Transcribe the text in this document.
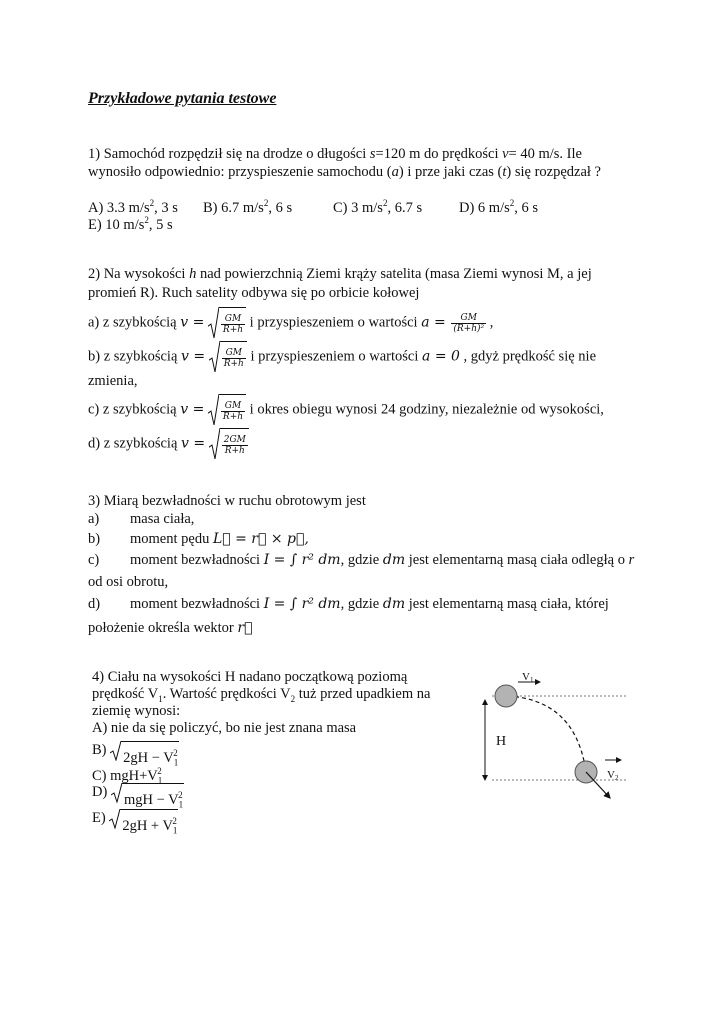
Przykładowe pytania testowe
1) Samochód rozpędził się na drodze o długości s=120 m do prędkości v= 40 m/s. Ile
wynosiło odpowiednio: przyspieszenie samochodu (a) i prze jaki czas (t) się rozpędzał ?
A) 3.3 $m/s^2$, 3 s B) 6.7 $m/s^2$, 6 s	C) 3 $m/s^2$, 6.7 s	D) 6 $m/s^2$, 6 s
E) 10 $m/s^2$, 5 s
2) Na wysokości h nad powierzchnią Ziemi krąży satelita (masa Ziemi wynosi M, a jej
promień R). Ruch satelity odbywa się po orbicie kołowej
a) z szybkością $v = \frac{GM}{R+h}$ i przyspieszeniem o wartości $a = \frac{GM}{\text{(R+h)²}}$ ,
b) z szybkością $v = \frac{GM}{R+h}$ i przyspieszeniem o wartości a = 0 , gdyż prędkość się nie
zmienia,
c) z szybkością $v = \frac{GM}{R+h}$ i okres obiegu wynosi 24 godziny, niezależnie od wysokości,
d) z szybkością $v = \frac{2GM}{R+h}$
3) Miarą bezwładności w ruchu obrotowym jest
a) masa ciała,
b) moment pędu L⃗ = r⃗ × p⃗,
c) moment bezwładności I = ∫ r² dm, gdzie dm jest elementarną masą ciała odległą o r
od osi obrotu,
d) moment bezwładności I = ∫ r² dm, gdzie dm jest elementarną masą ciała, której
położenie określa wektor r⃗
4) Ciału na wysokości H nadano początkową poziomą
prędkość $V_1$. Wartość prędkości $V_2$ tuż przed upadkiem na
ziemię wynosi:
A) nie da się policzyć, bo nie jest znana masa
B) $2gH - V_1^2$
C) $mgH+V_1^2$
D) mgH − $V_1^2$
E) $2gH + V_1^2$
H
V1
V2
